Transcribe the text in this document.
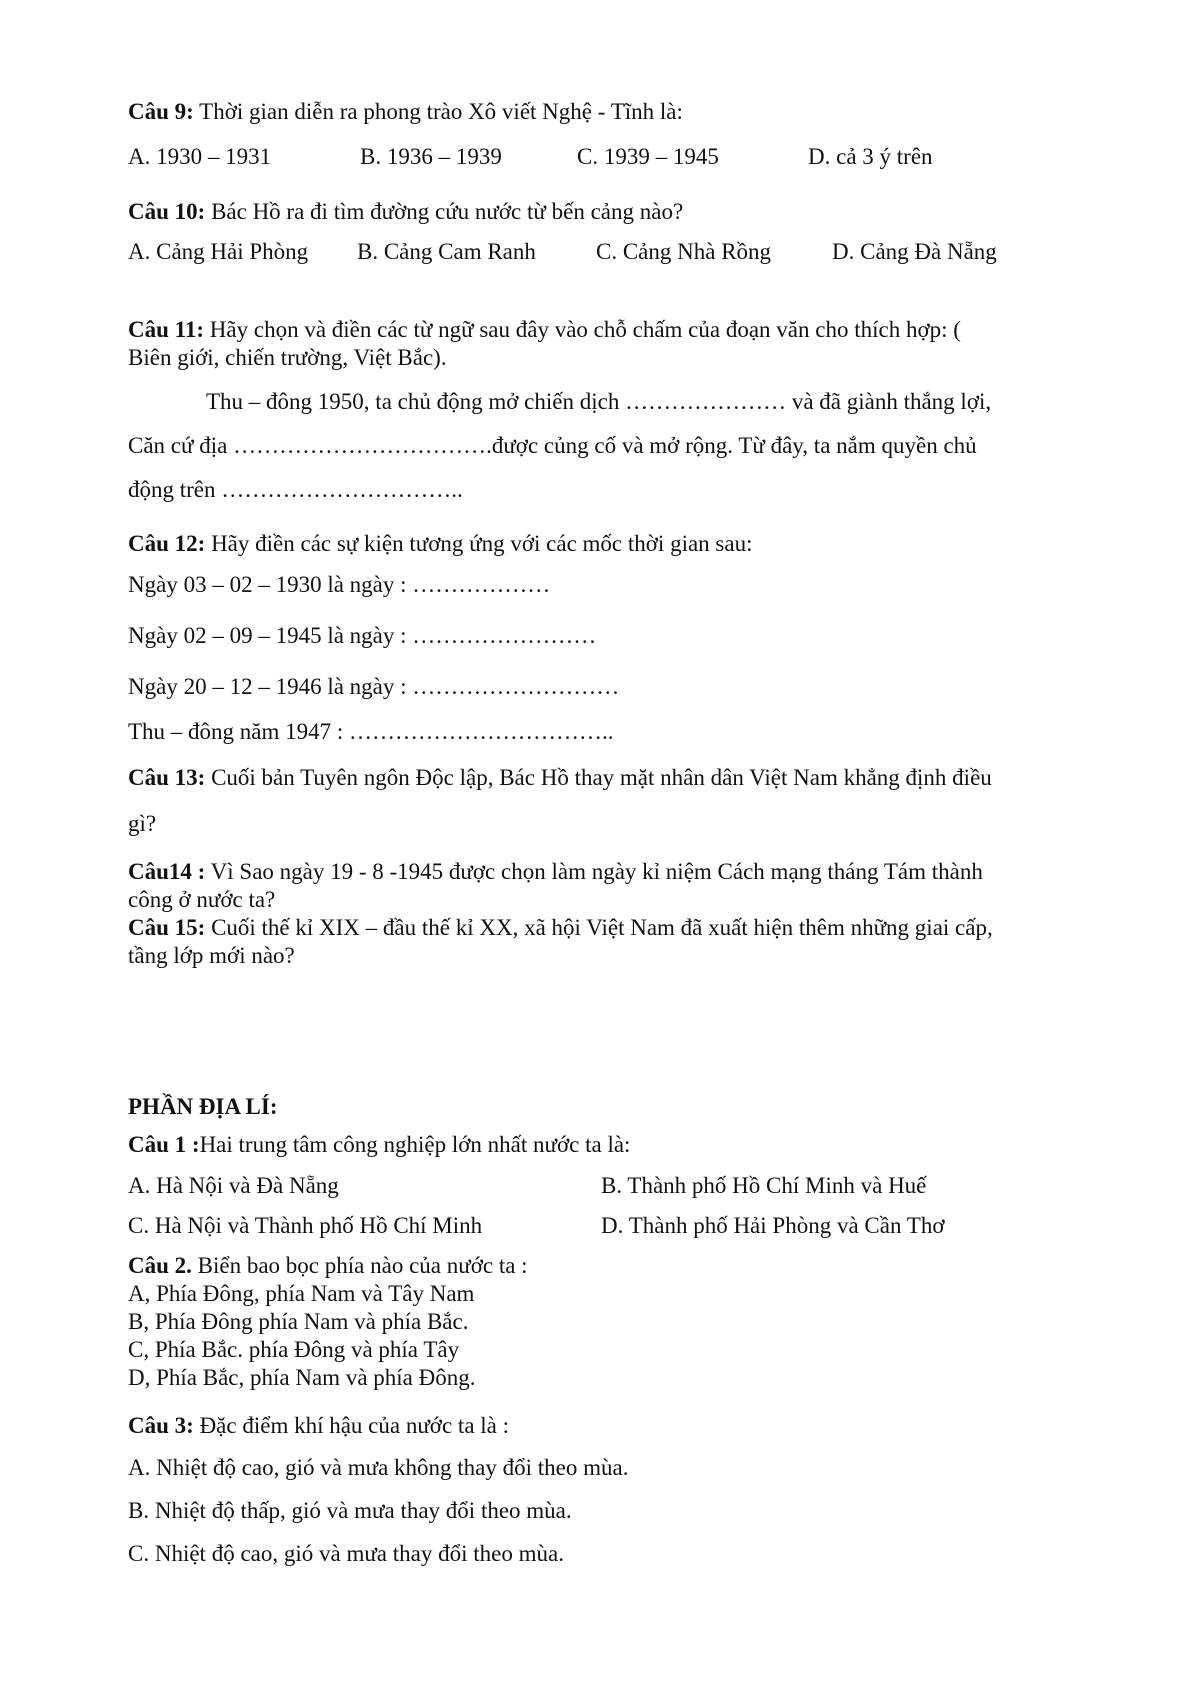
Câu 9: Thời gian diễn ra phong trào Xô viết Nghệ - Tĩnh là:
A. 1930 – 1931	B. 1936 – 1939	C. 1939 – 1945	D. cả 3 ý trên
Câu 10: Bác Hồ ra đi tìm đường cứu nước từ bến cảng nào?
A. Cảng Hải Phòng B. Cảng Cam Ranh	C. Cảng Nhà Rồng	D. Cảng Đà Nẵng
Câu 11: Hãy chọn và điền các từ ngữ sau đây vào chỗ chấm của đoạn văn cho thích hợp: (
Biên giới, chiến trường, Việt Bắc).
Thu – đông 1950, ta chủ động mở chiến dịch ………………… và đã giành thắng lợi,
Căn cứ địa …………………………….được củng cố và mở rộng. Từ đây, ta nắm quyền chủ
động trên …………………………..
Câu 12: Hãy điền các sự kiện tương ứng với các mốc thời gian sau:
Ngày 03 – 02 – 1930 là ngày : ………………
Ngày 02 – 09 – 1945 là ngày : ……………………
Ngày 20 – 12 – 1946 là ngày : ………………………
Thu – đông năm 1947 : ……………………………..
Câu 13: Cuối bản Tuyên ngôn Độc lập, Bác Hồ thay mặt nhân dân Việt Nam khẳng định điều
gì?
Câu14 : Vì Sao ngày 19 - 8 -1945 được chọn làm ngày kỉ niệm Cách mạng tháng Tám thành
công ở nước ta?
Câu 15: Cuối thế kỉ XIX – đầu thế kỉ XX, xã hội Việt Nam đã xuất hiện thêm những giai cấp,
tầng lớp mới nào?
PHẦN ĐỊA LÍ:
Câu 1 :Hai trung tâm công nghiệp lớn nhất nước ta là:
A. Hà Nội và Đà Nẵng	B. Thành phố Hồ Chí Minh và Huế
C. Hà Nội và Thành phố Hồ Chí Minh	D. Thành phố Hải Phòng và Cần Thơ
Câu 2. Biển bao bọc phía nào của nước ta :
A, Phía Đông, phía Nam và Tây Nam
B, Phía Đông phía Nam và phía Bắc.
C, Phía Bắc. phía Đông và phía Tây
D, Phía Bắc, phía Nam và phía Đông.
Câu 3: Đặc điểm khí hậu của nước ta là :
A. Nhiệt độ cao, gió và mưa không thay đổi theo mùa.
B. Nhiệt độ thấp, gió và mưa thay đổi theo mùa.
C. Nhiệt độ cao, gió và mưa thay đổi theo mùa.
